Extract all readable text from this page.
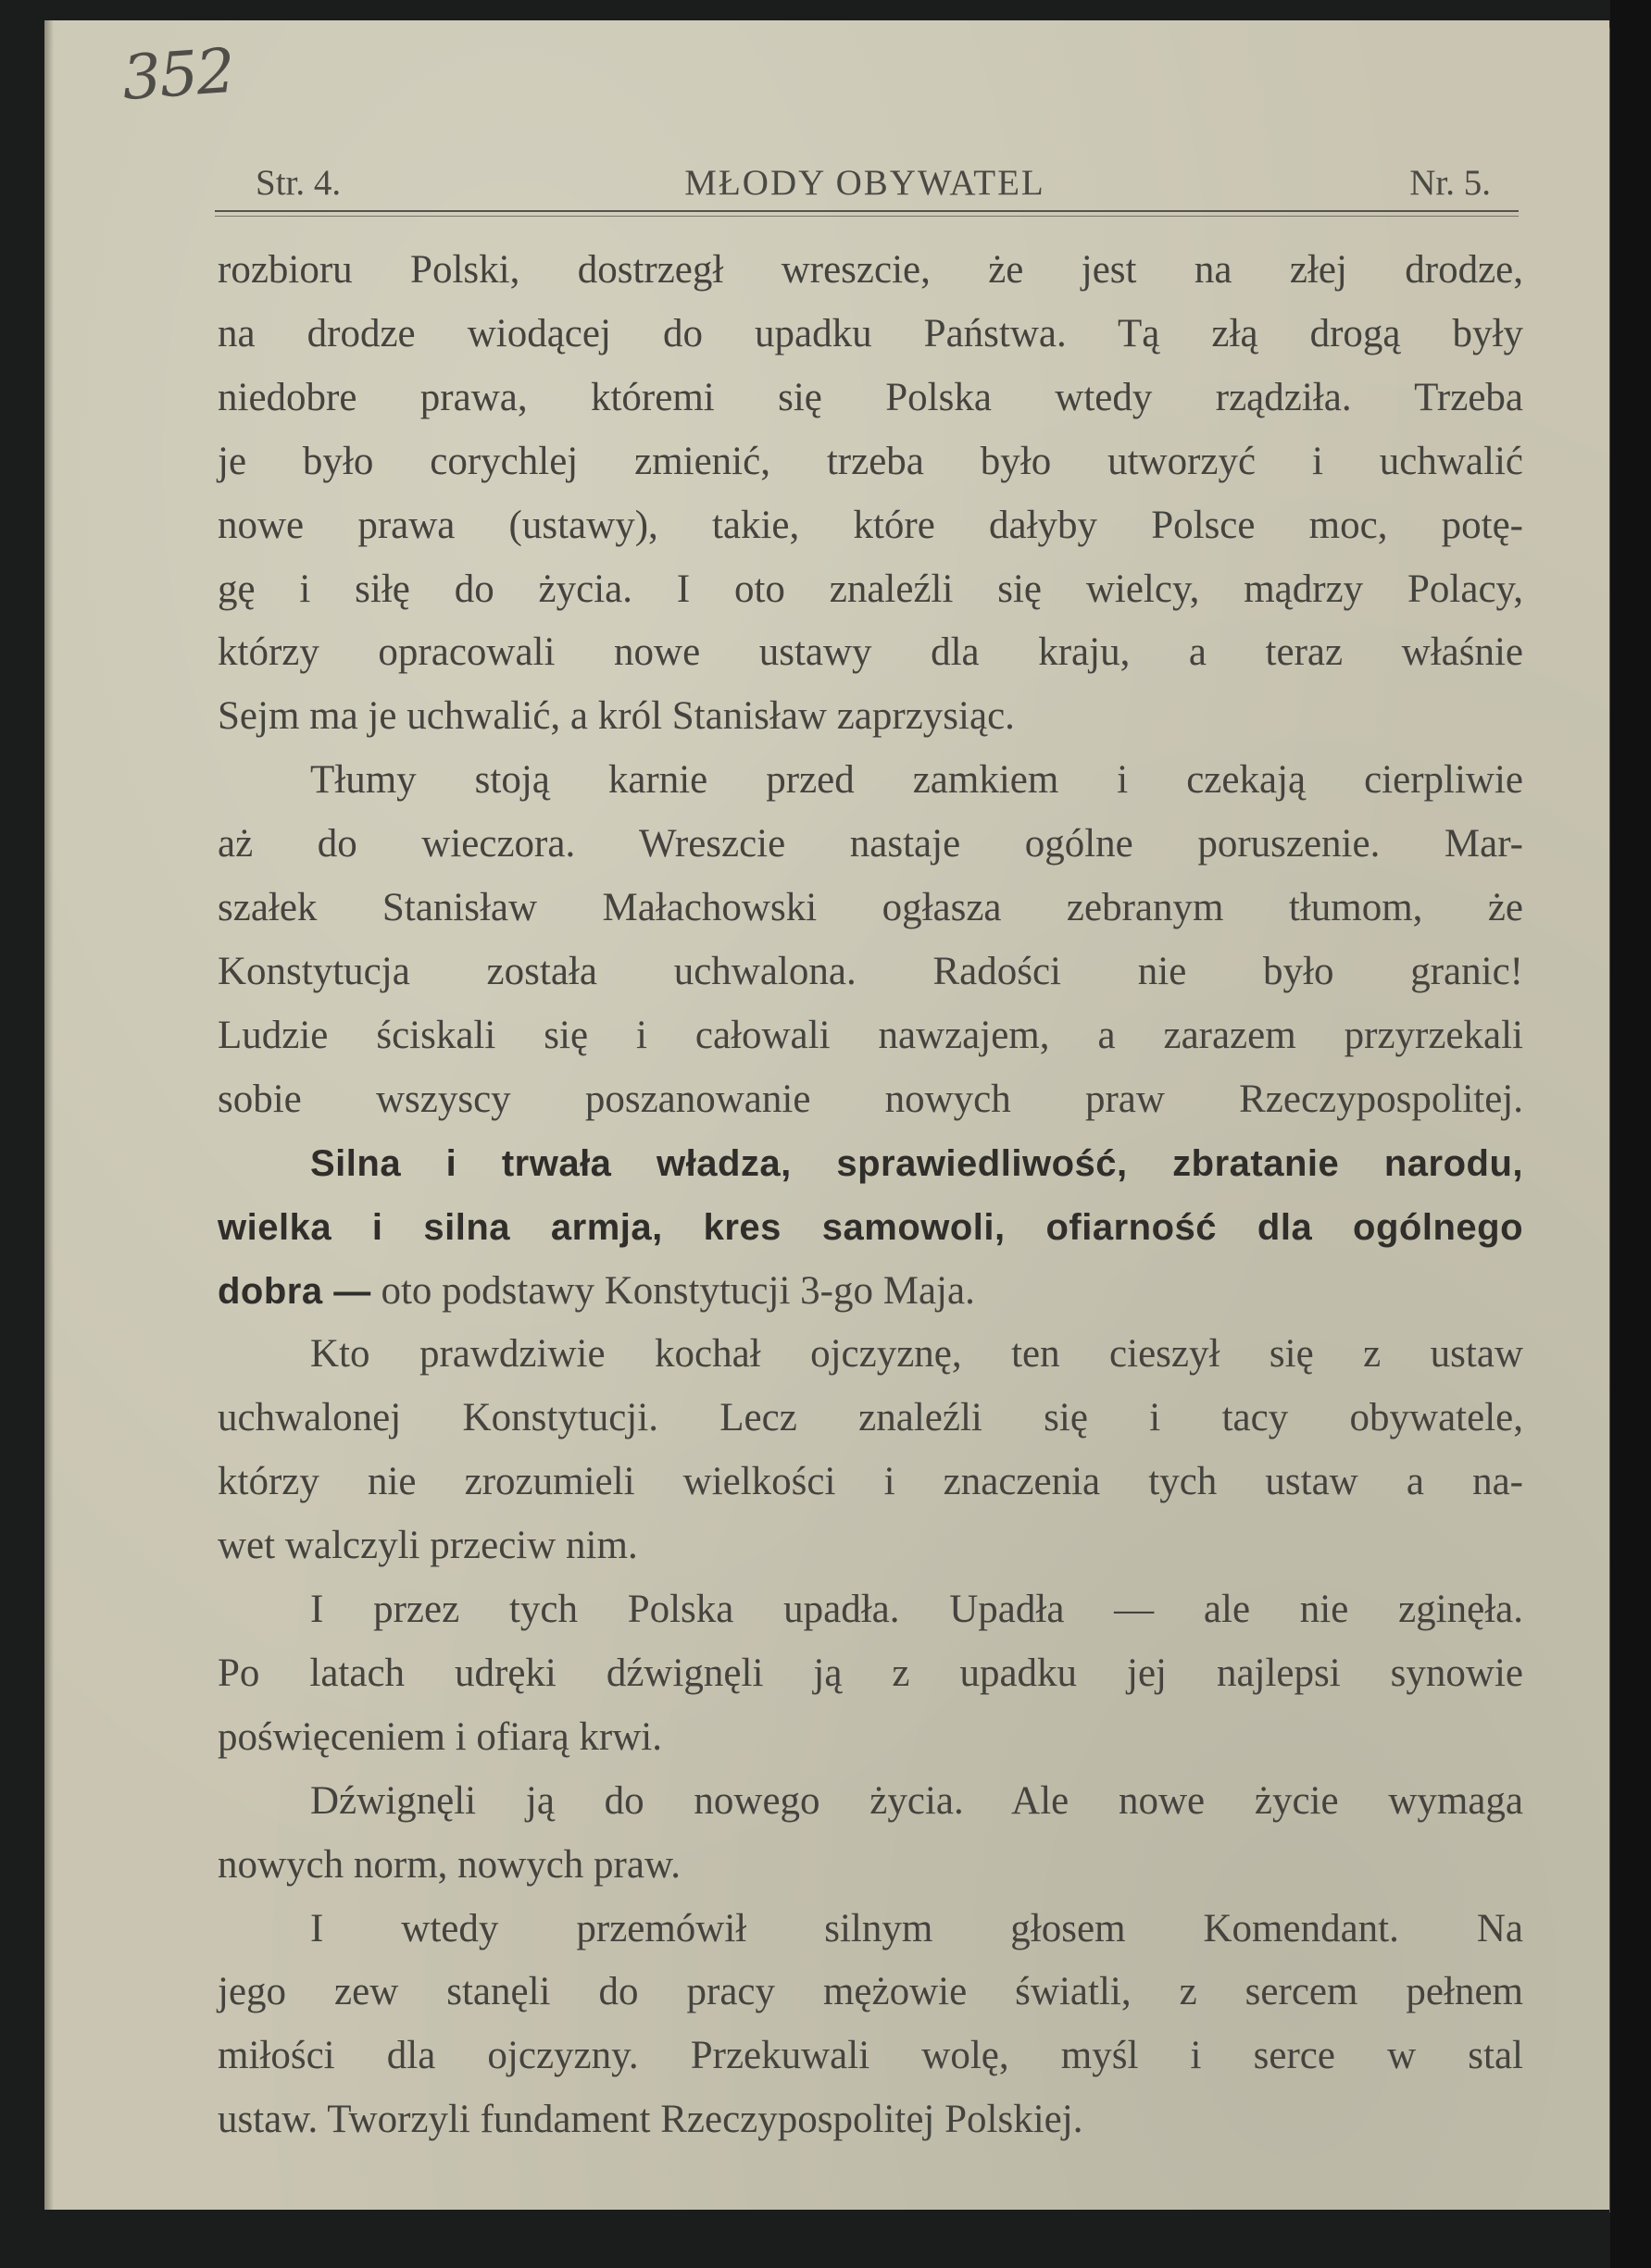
352
Str. 4.	MŁODY OBYWATEL	Nr. 5.

rozbioru Polski, dostrzegł wreszcie, że jest na złej drodze,
na drodze wiodącej do upadku Państwa. Tą złą drogą były
niedobre prawa, któremi się Polska wtedy rządziła. Trzeba
je było corychlej zmienić, trzeba było utworzyć i uchwalić
nowe prawa (ustawy), takie, które dałyby Polsce moc, potę-
gę i siłę do życia. I oto znaleźli się wielcy, mądrzy Polacy,
którzy opracowali nowe ustawy dla kraju, a teraz właśnie
Sejm ma je uchwalić, a król Stanisław zaprzysiąc.

Tłumy stoją karnie przed zamkiem i czekają cierpliwie
aż do wieczora. Wreszcie nastaje ogólne poruszenie. Mar-
szałek Stanisław Małachowski ogłasza zebranym tłumom, że
Konstytucja została uchwalona. Radości nie było granic!
Ludzie ściskali się i całowali nawzajem, a zarazem przyrzekali
sobie wszyscy poszanowanie nowych praw Rzeczypospolitej.

Silna i trwała władza, sprawiedliwość, zbratanie narodu,
wielka i silna armja, kres samowoli, ofiarność dla ogólnego
dobra — oto podstawy Konstytucji 3-go Maja.

Kto prawdziwie kochał ojczyznę, ten cieszył się z ustaw
uchwalonej Konstytucji. Lecz znaleźli się i tacy obywatele,
którzy nie zrozumieli wielkości i znaczenia tych ustaw a na-
wet walczyli przeciw nim.

I przez tych Polska upadła. Upadła — ale nie zginęła.
Po latach udręki dźwignęli ją z upadku jej najlepsi synowie
poświęceniem i ofiarą krwi.

Dźwignęli ją do nowego życia. Ale nowe życie wymaga
nowych norm, nowych praw.

I wtedy przemówił silnym głosem Komendant. Na
jego zew stanęli do pracy mężowie światli, z sercem pełnem
miłości dla ojczyzny. Przekuwali wolę, myśl i serce w stal
ustaw. Tworzyli fundament Rzeczypospolitej Polskiej.
